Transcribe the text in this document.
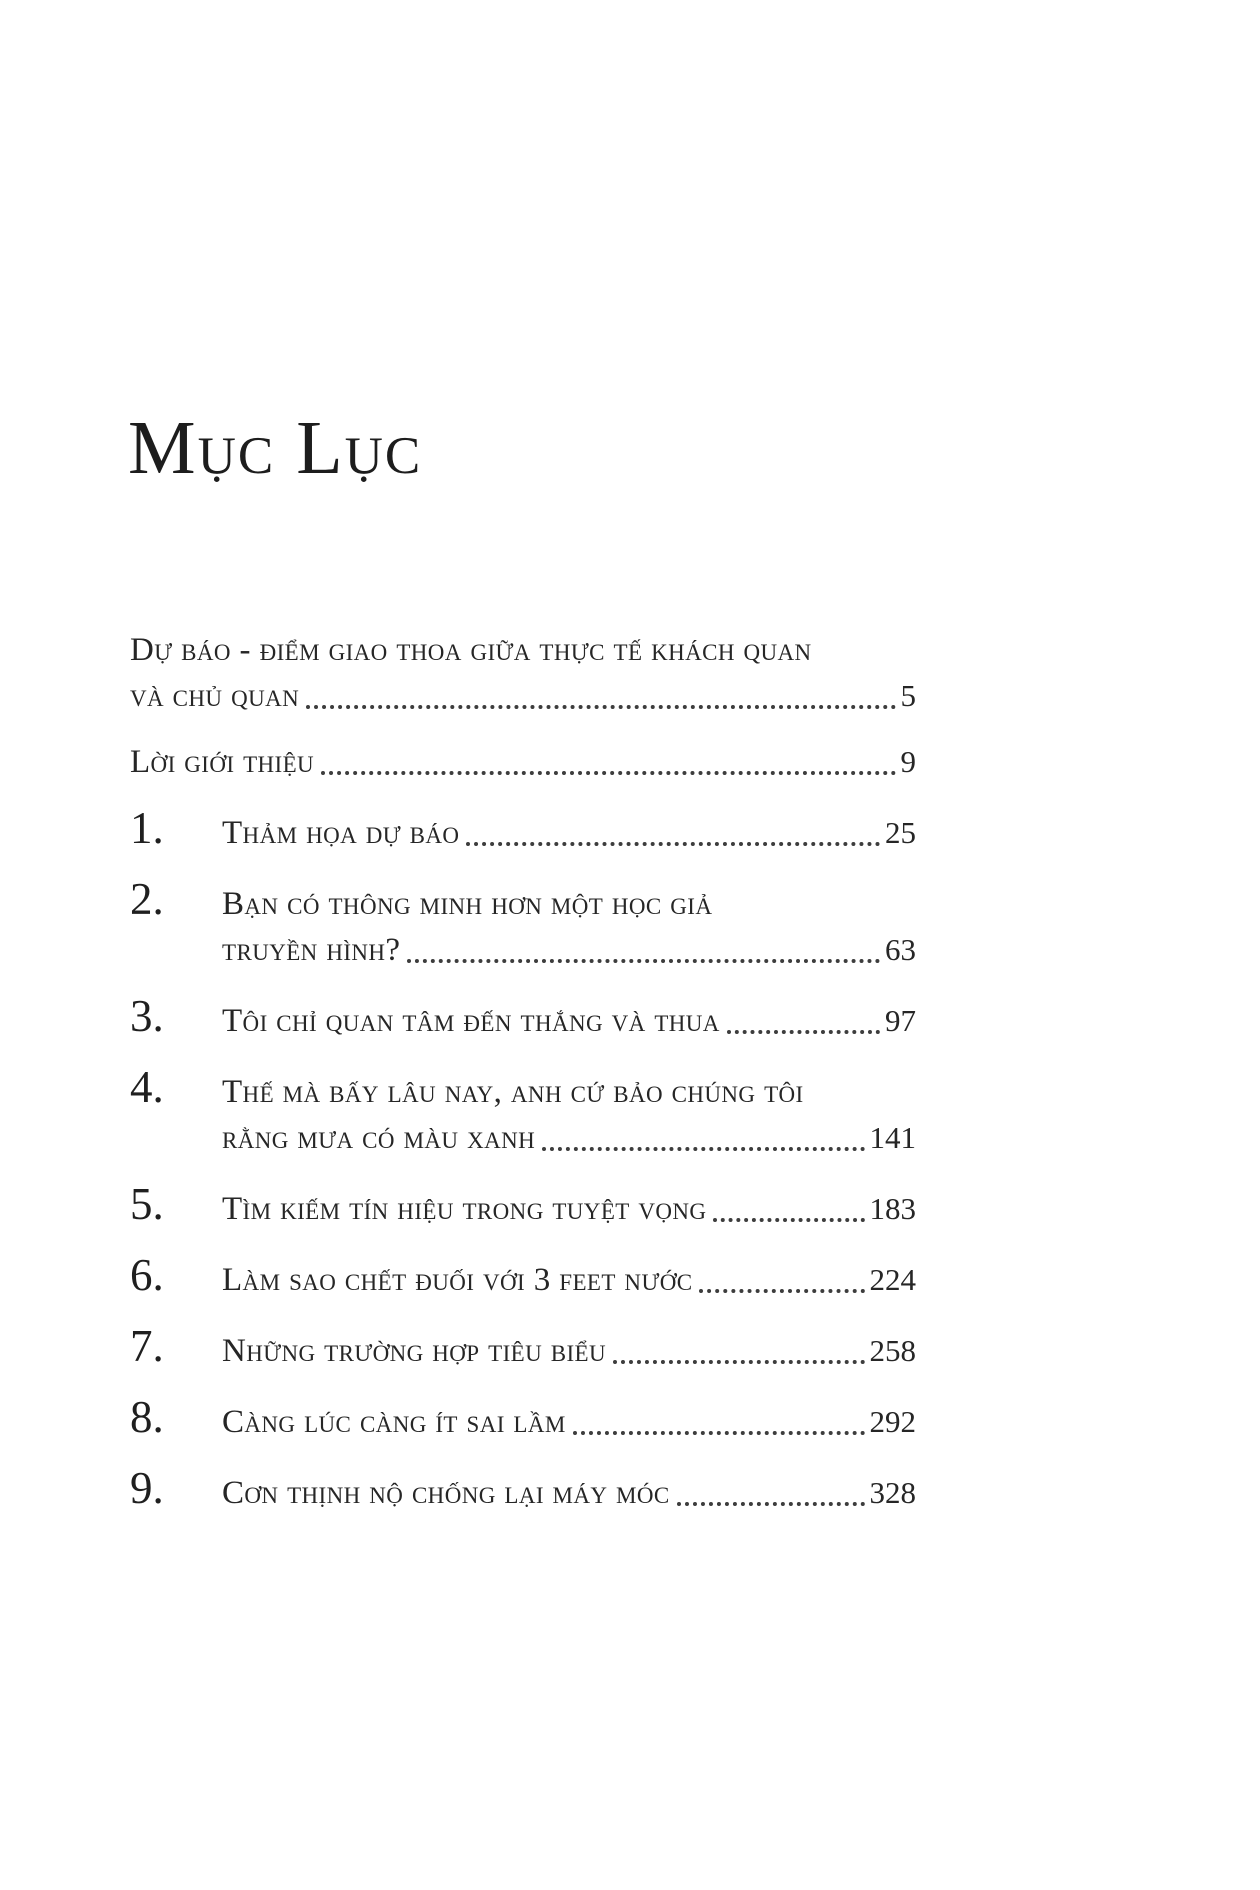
Mục Lục
Dự báo - điểm giao thoa giữa thực tế khách quan
và chủ quan	5
Lời giới thiệu	9
1.	Thảm họa dự báo	25
2.	Bạn có thông minh hơn một học giả
truyền hình?	63
3.	Tôi chỉ quan tâm đến thắng và thua	97
4.	Thế mà bấy lâu nay, anh cứ bảo chúng tôi
rằng mưa có màu xanh	141
5.	Tìm kiếm tín hiệu trong tuyệt vọng	183
6.	Làm sao chết đuối với 3 feet nước	224
7.	Những trường hợp tiêu biểu	258
8.	Càng lúc càng ít sai lầm	292
9.	Cơn thịnh nộ chống lại máy móc	328
